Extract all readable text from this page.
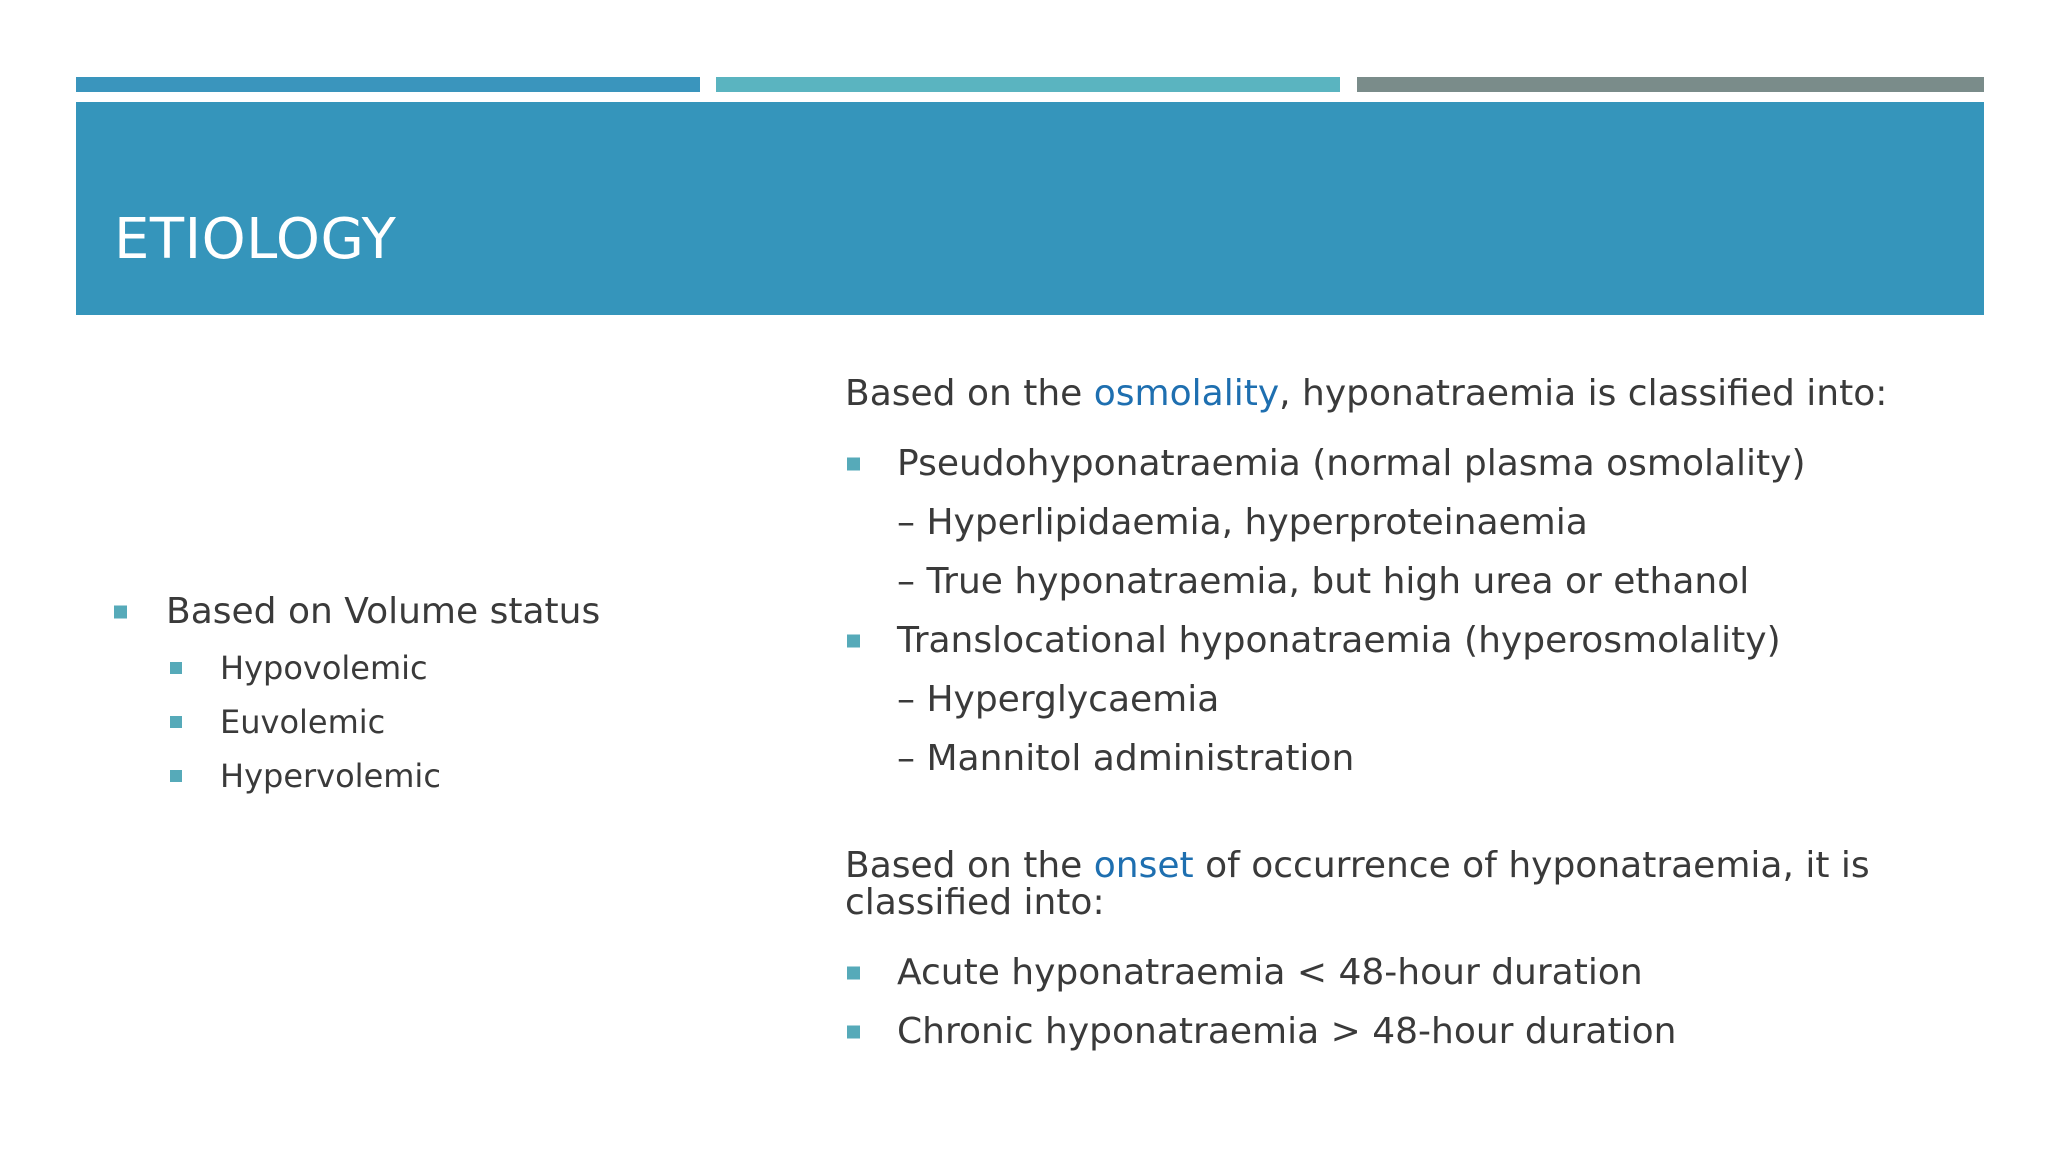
ETIOLOGY
Based on Volume status
Hypovolemic
Euvolemic
Hypervolemic
Based on the osmolality, hyponatraemia is classified into:
Pseudohyponatraemia (normal plasma osmolality)
– Hyperlipidaemia, hyperproteinaemia
– True hyponatraemia, but high urea or ethanol
Translocational hyponatraemia (hyperosmolality)
– Hyperglycaemia
– Mannitol administration
Based on the onset of occurrence of hyponatraemia, it is classified into:
Acute hyponatraemia < 48-hour duration
Chronic hyponatraemia > 48-hour duration
